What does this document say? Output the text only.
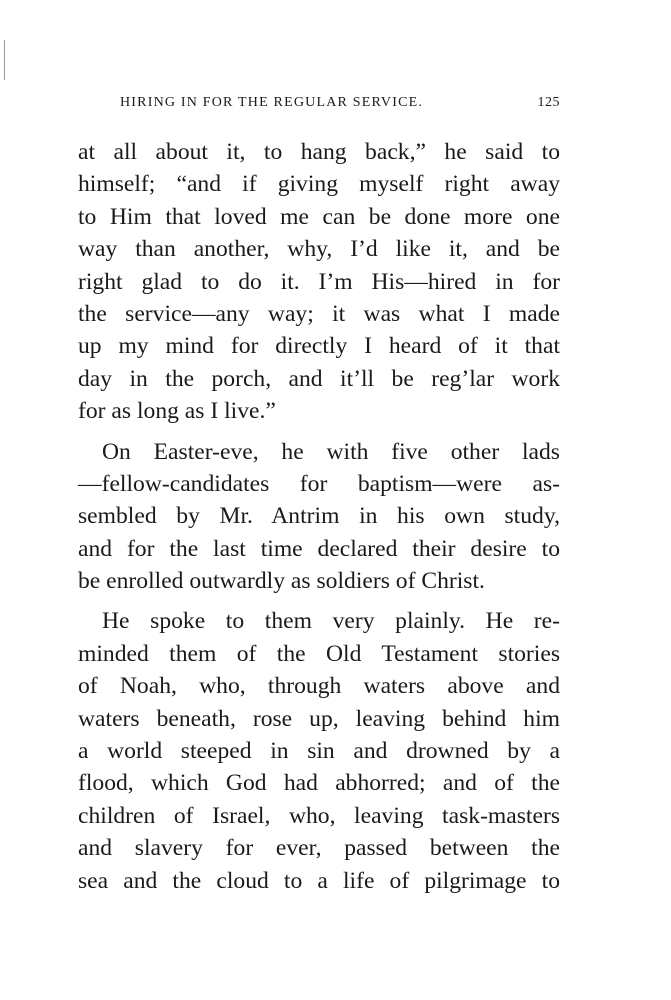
HIRING IN FOR THE REGULAR SERVICE.	125
at all about it, to hang back,” he said to
himself; “and if giving myself right away
to Him that loved me can be done more one
way than another, why, I’d like it, and be
right glad to do it. I’m His—hired in for
the service—any way; it was what I made
up my mind for directly I heard of it that
day in the porch, and it’ll be reg’lar work
for as long as I live.”
On Easter-eve, he with five other lads
—fellow-candidates for baptism—were as-
sembled by Mr. Antrim in his own study,
and for the last time declared their desire to
be enrolled outwardly as soldiers of Christ.
He spoke to them very plainly. He re-
minded them of the Old Testament stories
of Noah, who, through waters above and
waters beneath, rose up, leaving behind him
a world steeped in sin and drowned by a
flood, which God had abhorred; and of the
children of Israel, who, leaving task-masters
and slavery for ever, passed between the
sea and the cloud to a life of pilgrimage to
